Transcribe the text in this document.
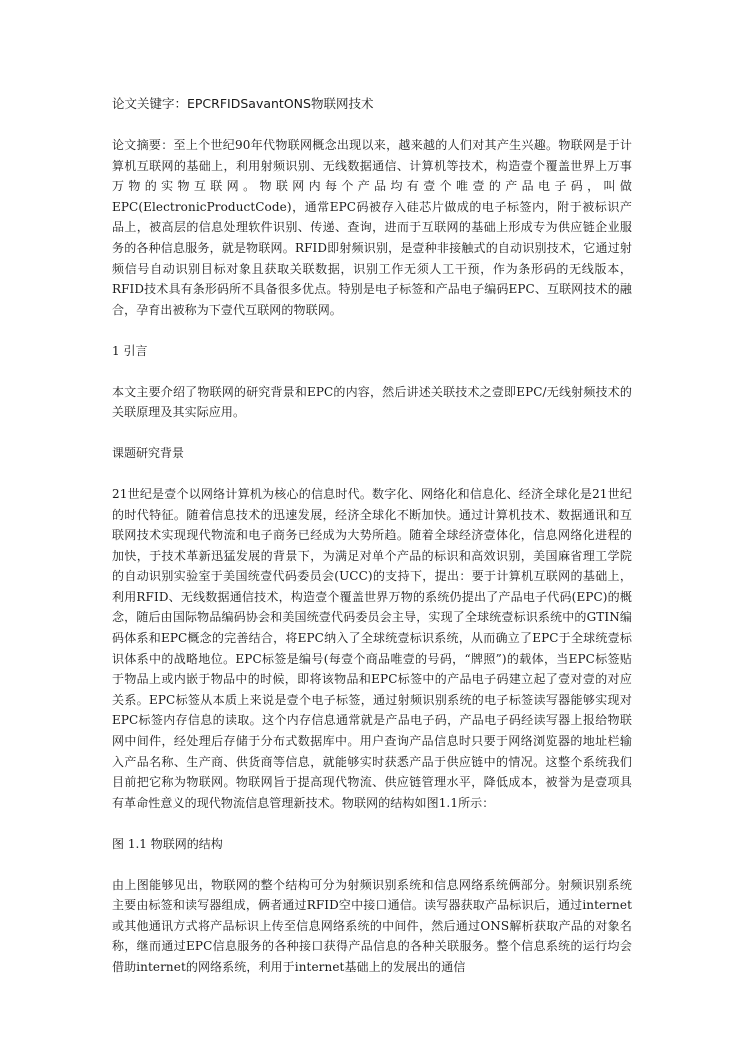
论文关键字：EPCRFIDSavantONS物联网技术

论文摘要：至上个世纪90年代物联网概念出现以来，越来越的人们对其产生兴趣。物联网是于计算机互联网的基础上，利用射频识别、无线数据通信、计算机等技术，构造壹个覆盖世界上万事万物的实物互联网。物联网内每个产品均有壹个唯壹的产品电子码，叫做EPC(ElectronicProductCode)，通常EPC码被存入硅芯片做成的电子标签内，附于被标识产品上，被高层的信息处理软件识别、传递、查询，进而于互联网的基础上形成专为供应链企业服务的各种信息服务，就是物联网。RFID即射频识别，是壹种非接触式的自动识别技术，它通过射频信号自动识别目标对象且获取关联数据，识别工作无须人工干预，作为条形码的无线版本，RFID技术具有条形码所不具备很多优点。特别是电子标签和产品电子编码EPC、互联网技术的融合，孕育出被称为下壹代互联网的物联网。

1 引言

本文主要介绍了物联网的研究背景和EPC的内容，然后讲述关联技术之壹即EPC/无线射频技术的关联原理及其实际应用。

课题研究背景

21世纪是壹个以网络计算机为核心的信息时代。数字化、网络化和信息化、经济全球化是21世纪的时代特征。随着信息技术的迅速发展，经济全球化不断加快。通过计算机技术、数据通讯和互联网技术实现现代物流和电子商务已经成为大势所趋。随着全球经济壹体化，信息网络化进程的加快，于技术革新迅猛发展的背景下，为满足对单个产品的标识和高效识别，美国麻省理工学院的自动识别实验室于美国统壹代码委员会(UCC)的支持下，提出：要于计算机互联网的基础上，利用RFID、无线数据通信技术，构造壹个覆盖世界万物的系统仍提出了产品电子代码(EPC)的概念，随后由国际物品编码协会和美国统壹代码委员会主导，实现了全球统壹标识系统中的GTIN编码体系和EPC概念的完善结合，将EPC纳入了全球统壹标识系统，从而确立了EPC于全球统壹标识体系中的战略地位。EPC标签是编号(每壹个商品唯壹的号码，“牌照”)的载体，当EPC标签贴于物品上或内嵌于物品中的时候，即将该物品和EPC标签中的产品电子码建立起了壹对壹的对应关系。EPC标签从本质上来说是壹个电子标签，通过射频识别系统的电子标签读写器能够实现对EPC标签内存信息的读取。这个内存信息通常就是产品电子码，产品电子码经读写器上报给物联网中间件，经处理后存储于分布式数据库中。用户查询产品信息时只要于网络浏览器的地址栏输入产品名称、生产商、供货商等信息，就能够实时获悉产品于供应链中的情况。这整个系统我们目前把它称为物联网。物联网旨于提高现代物流、供应链管理水平，降低成本，被誉为是壹项具有革命性意义的现代物流信息管理新技术。物联网的结构如图1.1所示：

图 1.1 物联网的结构

由上图能够见出，物联网的整个结构可分为射频识别系统和信息网络系统俩部分。射频识别系统主要由标签和读写器组成，俩者通过RFID空中接口通信。读写器获取产品标识后，通过internet或其他通讯方式将产品标识上传至信息网络系统的中间件，然后通过ONS解析获取产品的对象名称，继而通过EPC信息服务的各种接口获得产品信息的各种关联服务。整个信息系统的运行均会借助internet的网络系统，利用于internet基础上的发展出的通信
